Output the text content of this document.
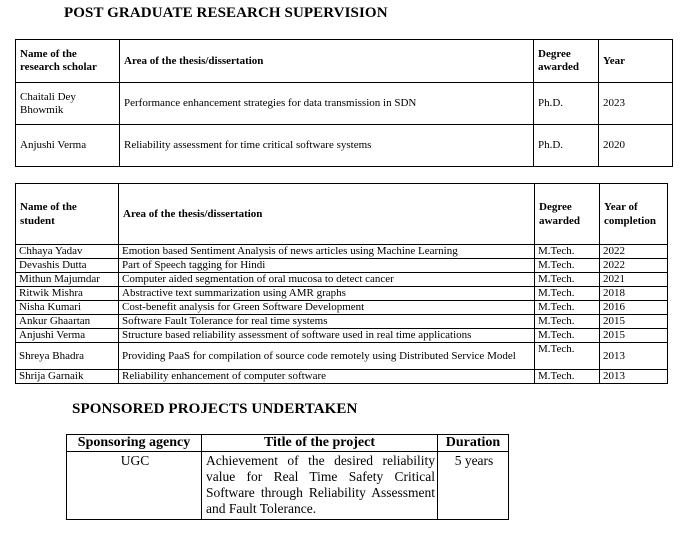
POST GRADUATE RESEARCH SUPERVISION
Name of the research scholar	Area of the thesis/dissertation	Degree awarded	Year
Chaitali Dey Bhowmik	Performance enhancement strategies for data transmission in SDN	Ph.D.	2023
Anjushi Verma	Reliability assessment for time critical software systems	Ph.D.	2020
Name of the student	Area of the thesis/dissertation	Degree awarded	Year of completion
Chhaya Yadav	Emotion based Sentiment Analysis of news articles using Machine Learning	M.Tech.	2022
Devashis Dutta	Part of Speech tagging for Hindi	M.Tech.	2022
Mithun Majumdar	Computer aided segmentation of oral mucosa to detect cancer	M.Tech.	2021
Ritwik Mishra	Abstractive text summarization using AMR graphs	M.Tech.	2018
Nisha Kumari	Cost-benefit analysis for Green Software Development	M.Tech.	2016
Ankur Ghaartan	Software Fault Tolerance for real time systems	M.Tech.	2015
Anjushi Verma	Structure based reliability assessment of software used in real time applications	M.Tech.	2015
Shreya Bhadra	Providing PaaS for compilation of source code remotely using Distributed Service Model	M.Tech.	2013
Shrija Garnaik	Reliability enhancement of computer software	M.Tech.	2013
SPONSORED PROJECTS UNDERTAKEN
Sponsoring agency	Title of the project	Duration
UGC	Achievement of the desired reliability value for Real Time Safety Critical Software through Reliability Assessment and Fault Tolerance.	5 years
